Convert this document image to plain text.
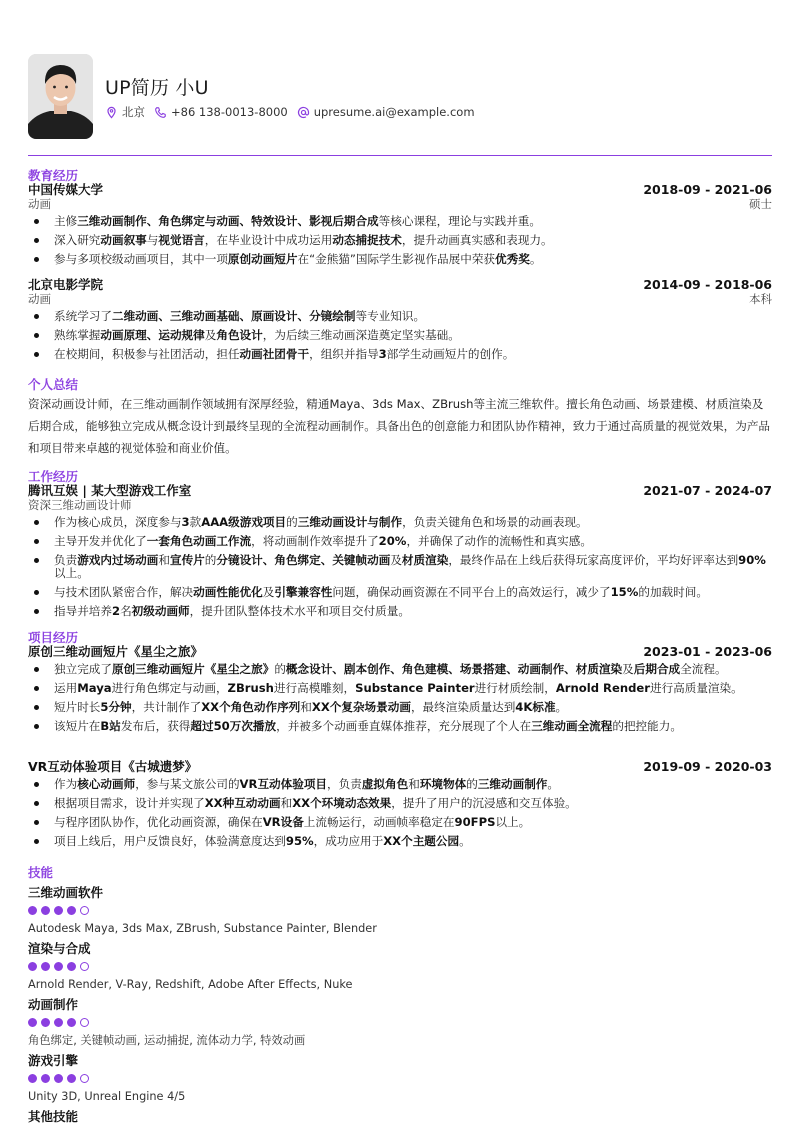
UP简历 小U
北京 +86 138-0013-8000 upresume.ai@example.com
教育经历
中国传媒大学	2018-09 - 2021-06
动画	硕士
主修三维动画制作、角色绑定与动画、特效设计、影视后期合成等核心课程，理论与实践并重。
深入研究动画叙事与视觉语言，在毕业设计中成功运用动态捕捉技术，提升动画真实感和表现力。
参与多项校级动画项目，其中一项原创动画短片在“金熊猫”国际学生影视作品展中荣获优秀奖。
北京电影学院	2014-09 - 2018-06
动画	本科
系统学习了二维动画、三维动画基础、原画设计、分镜绘制等专业知识。
熟练掌握动画原理、运动规律及角色设计，为后续三维动画深造奠定坚实基础。
在校期间，积极参与社团活动，担任动画社团骨干，组织并指导3部学生动画短片的创作。
个人总结
资深动画设计师，在三维动画制作领域拥有深厚经验，精通Maya、3ds Max、ZBrush等主流三维软件。擅长角色动画、场景建模、材质渲染及后期合成，能够独立完成从概念设计到最终呈现的全流程动画制作。具备出色的创意能力和团队协作精神，致力于通过高质量的视觉效果，为产品和项目带来卓越的视觉体验和商业价值。
工作经历
腾讯互娱 | 某大型游戏工作室	2021-07 - 2024-07
资深三维动画设计师
作为核心成员，深度参与3款AAA级游戏项目的三维动画设计与制作，负责关键角色和场景的动画表现。
主导开发并优化了一套角色动画工作流，将动画制作效率提升了20%，并确保了动作的流畅性和真实感。
负责游戏内过场动画和宣传片的分镜设计、角色绑定、关键帧动画及材质渲染，最终作品在上线后获得玩家高度评价，平均好评率达到90%以上。
与技术团队紧密合作，解决动画性能优化及引擎兼容性问题，确保动画资源在不同平台上的高效运行，减少了15%的加载时间。
指导并培养2名初级动画师，提升团队整体技术水平和项目交付质量。
项目经历
原创三维动画短片《星尘之旅》	2023-01 - 2023-06
独立完成了原创三维动画短片《星尘之旅》的概念设计、剧本创作、角色建模、场景搭建、动画制作、材质渲染及后期合成全流程。
运用Maya进行角色绑定与动画，ZBrush进行高模雕刻，Substance Painter进行材质绘制，Arnold Render进行高质量渲染。
短片时长5分钟，共计制作了XX个角色动作序列和XX个复杂场景动画，最终渲染质量达到4K标准。
该短片在B站发布后，获得超过50万次播放，并被多个动画垂直媒体推荐，充分展现了个人在三维动画全流程的把控能力。
VR互动体验项目《古城遗梦》	2019-09 - 2020-03
作为核心动画师，参与某文旅公司的VR互动体验项目，负责虚拟角色和环境物体的三维动画制作。
根据项目需求，设计并实现了XX种互动动画和XX个环境动态效果，提升了用户的沉浸感和交互体验。
与程序团队协作，优化动画资源，确保在VR设备上流畅运行，动画帧率稳定在90FPS以上。
项目上线后，用户反馈良好，体验满意度达到95%，成功应用于XX个主题公园。
技能
三维动画软件
Autodesk Maya, 3ds Max, ZBrush, Substance Painter, Blender
渲染与合成
Arnold Render, V-Ray, Redshift, Adobe After Effects, Nuke
动画制作
角色绑定, 关键帧动画, 运动捕捉, 流体动力学, 特效动画
游戏引擎
Unity 3D, Unreal Engine 4/5
其他技能
